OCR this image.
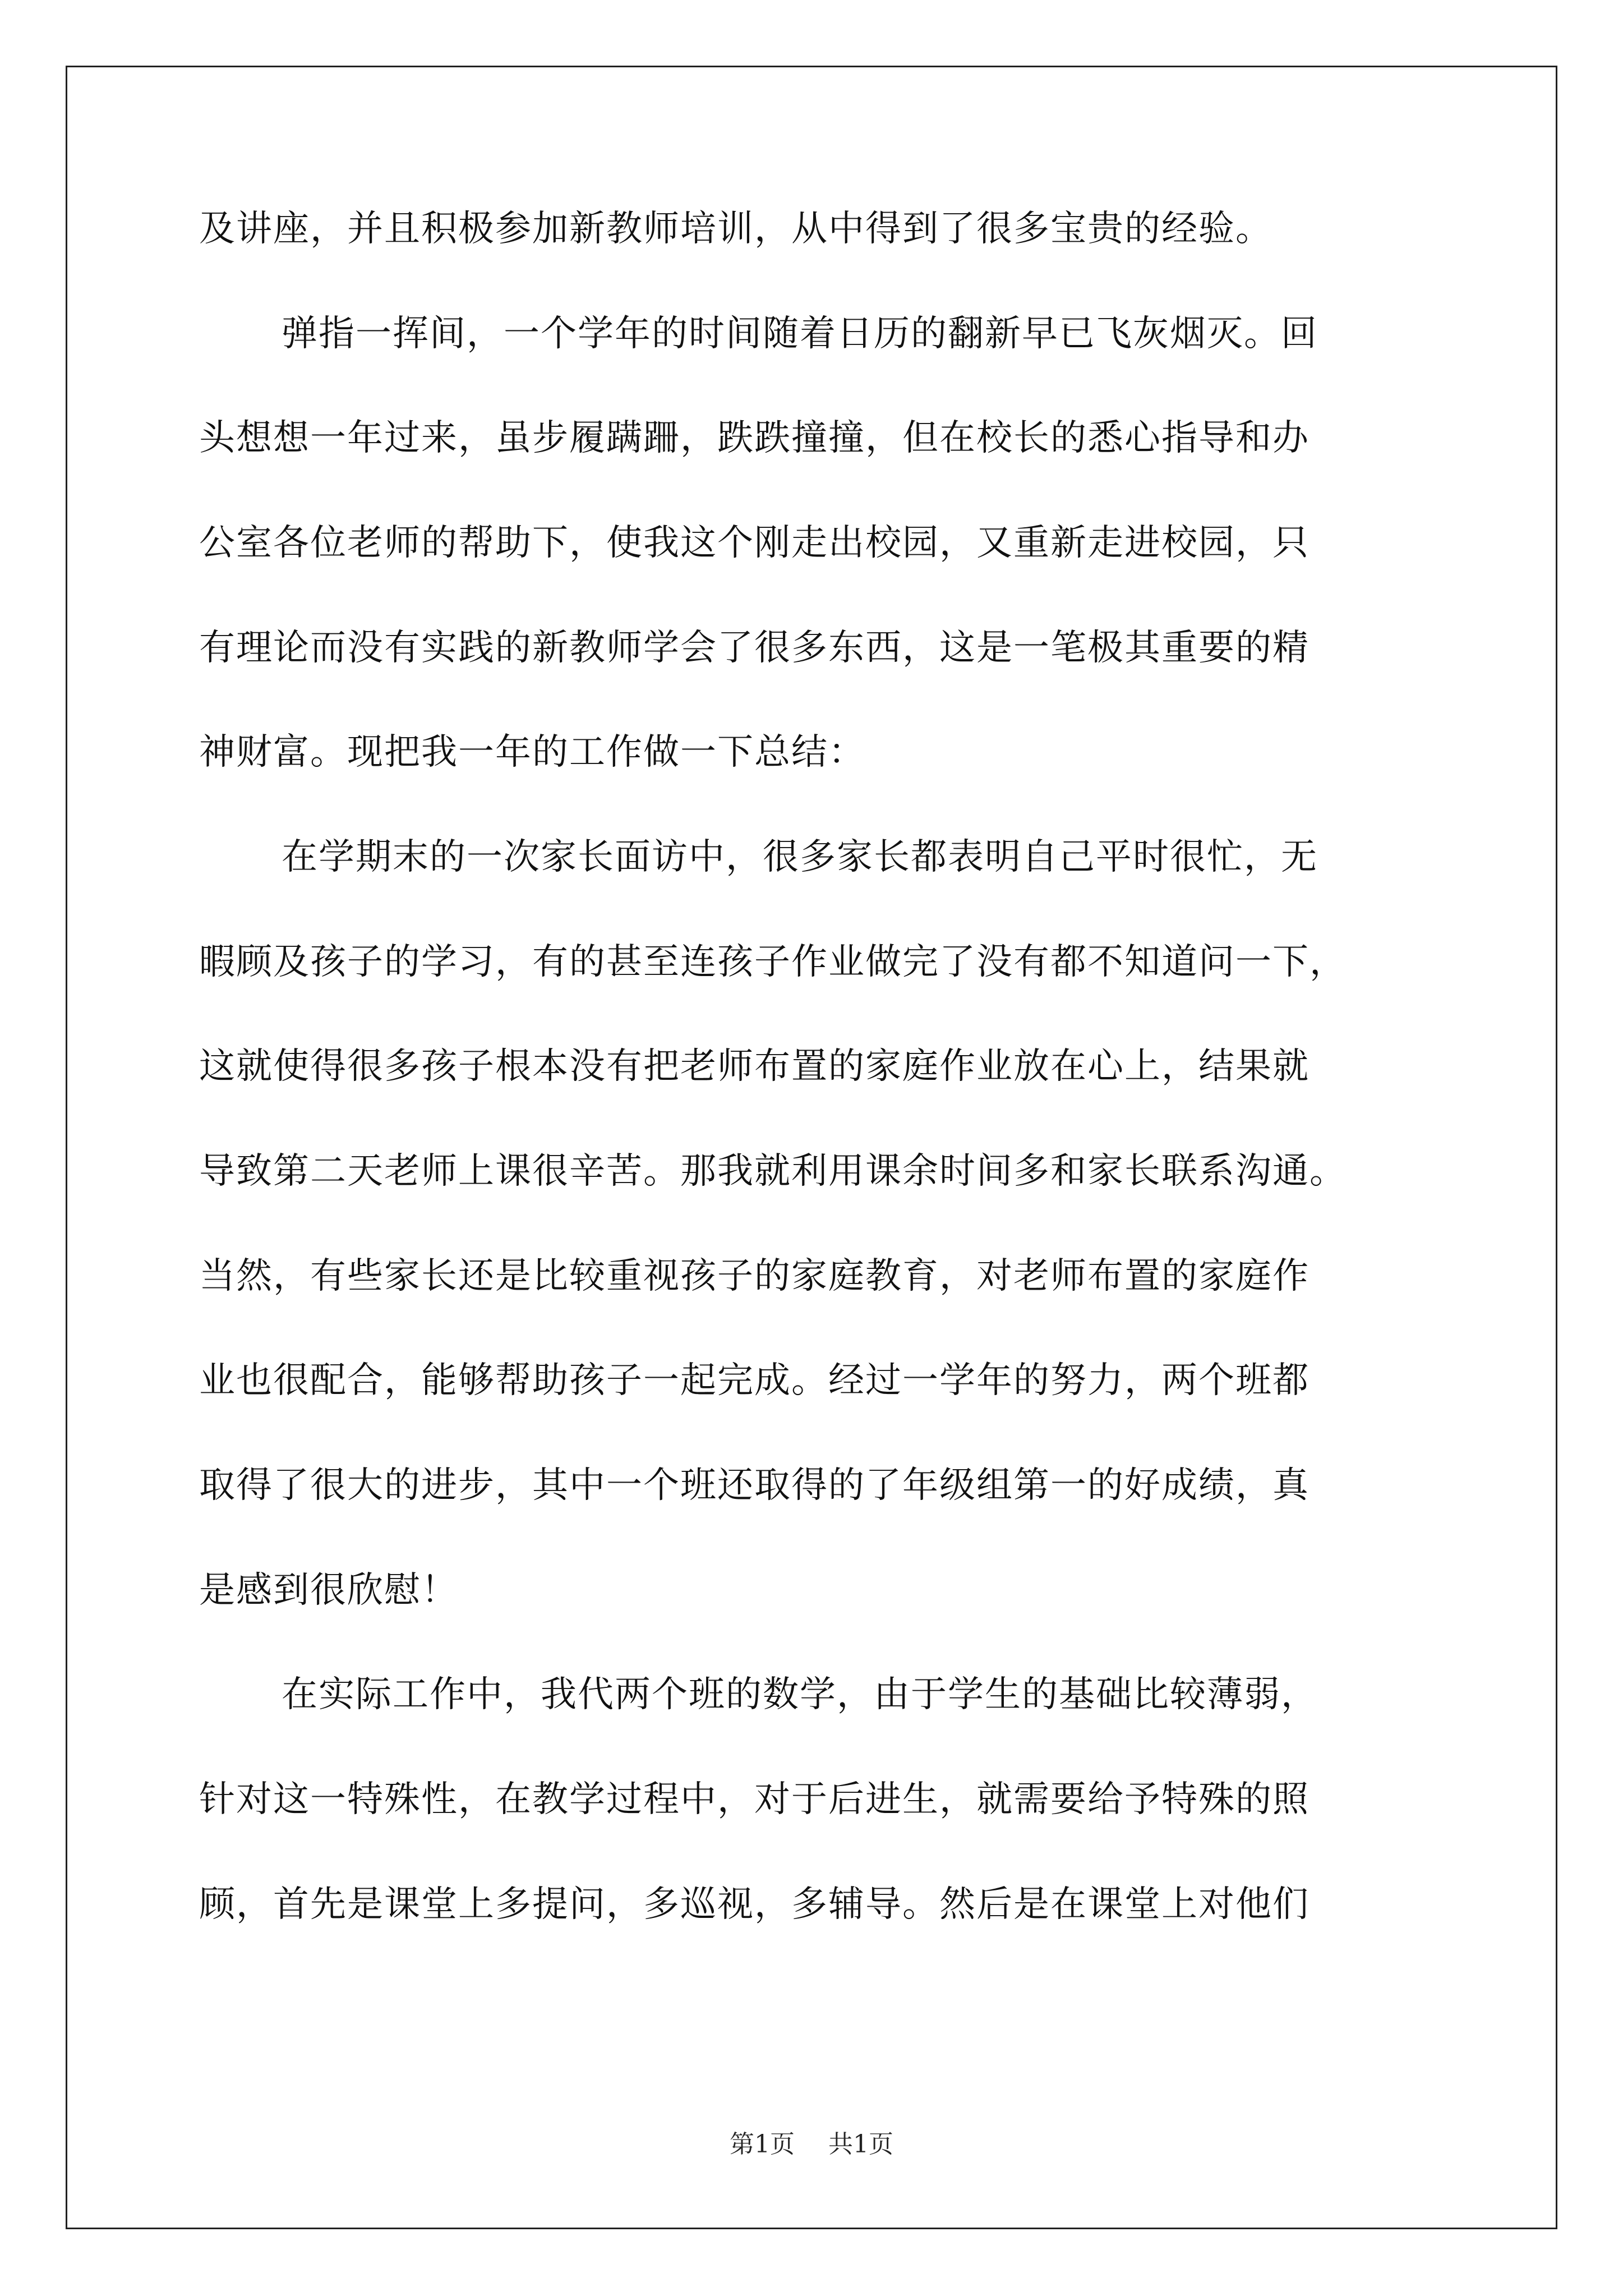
及讲座，并且积极参加新教师培训，从中得到了很多宝贵的经验。
弹指一挥间，一个学年的时间随着日历的翻新早已飞灰烟灭。回
头想想一年过来，虽步履蹒跚，跌跌撞撞，但在校长的悉心指导和办
公室各位老师的帮助下，使我这个刚走出校园，又重新走进校园，只
有理论而没有实践的新教师学会了很多东西，这是一笔极其重要的精
神财富。现把我一年的工作做一下总结：
在学期末的一次家长面访中，很多家长都表明自己平时很忙，无
暇顾及孩子的学习，有的甚至连孩子作业做完了没有都不知道问一下，
这就使得很多孩子根本没有把老师布置的家庭作业放在心上，结果就
导致第二天老师上课很辛苦。那我就利用课余时间多和家长联系沟通。
当然，有些家长还是比较重视孩子的家庭教育，对老师布置的家庭作
业也很配合，能够帮助孩子一起完成。经过一学年的努力，两个班都
取得了很大的进步，其中一个班还取得的了年级组第一的好成绩，真
是感到很欣慰！
在实际工作中，我代两个班的数学，由于学生的基础比较薄弱，
针对这一特殊性，在教学过程中，对于后进生，就需要给予特殊的照
顾，首先是课堂上多提问，多巡视，多辅导。然后是在课堂上对他们
第1页 共1页
